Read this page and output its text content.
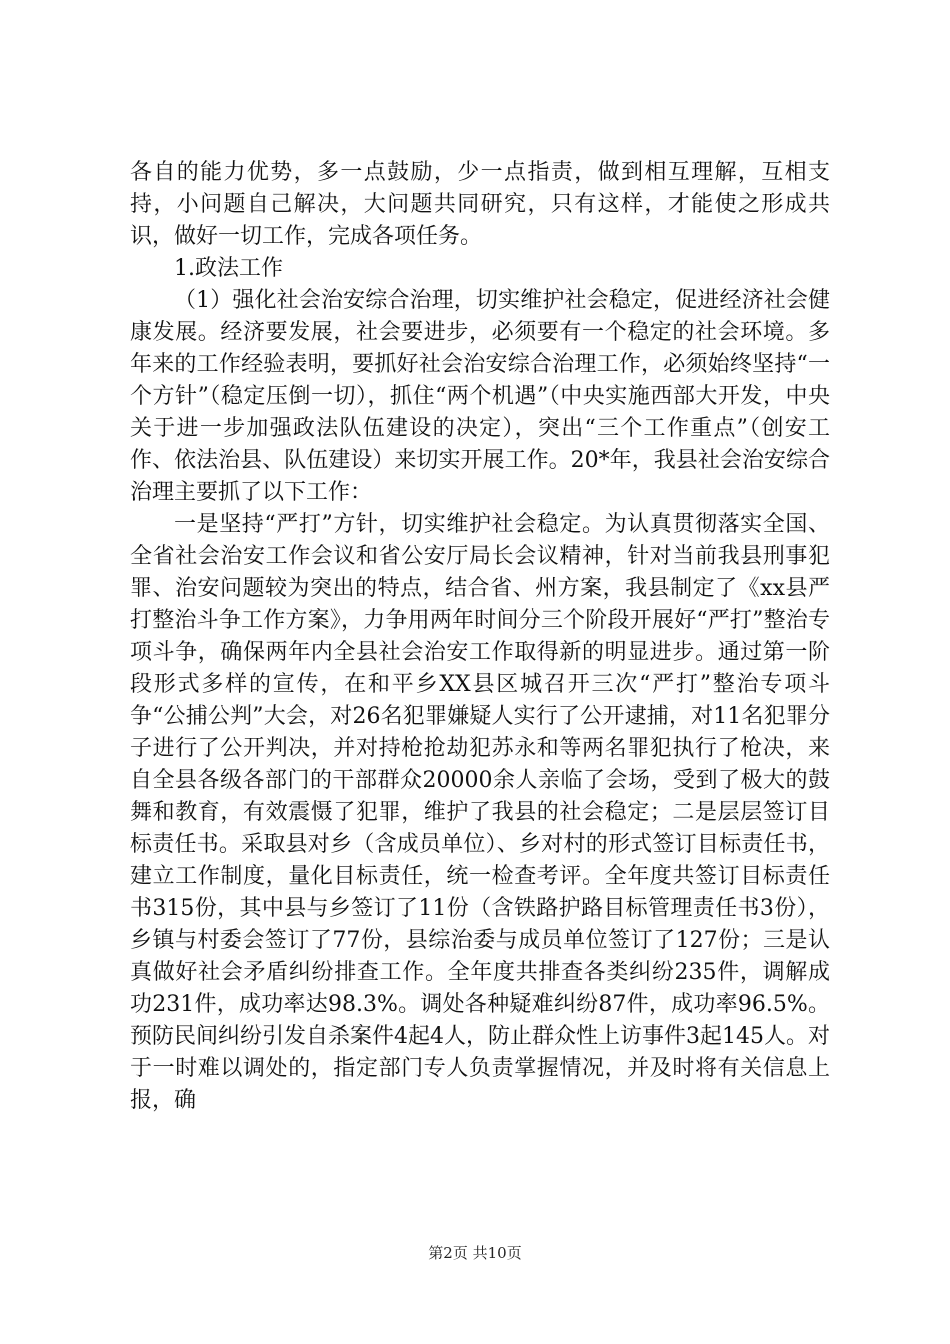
各自的能力优势，多一点鼓励，少一点指责，做到相互理解，互相支持，小问题自己解决，大问题共同研究，只有这样，才能使之形成共识，做好一切工作，完成各项任务。

1.政法工作

（1）强化社会治安综合治理，切实维护社会稳定，促进经济社会健康发展。经济要发展，社会要进步，必须要有一个稳定的社会环境。多年来的工作经验表明，要抓好社会治安综合治理工作，必须始终坚持“一个方针”（稳定压倒一切），抓住“两个机遇”（中央实施西部大开发，中央关于进一步加强政法队伍建设的决定），突出“三个工作重点”（创安工作、依法治县、队伍建设）来切实开展工作。20*年，我县社会治安综合治理主要抓了以下工作：

一是坚持“严打”方针，切实维护社会稳定。为认真贯彻落实全国、全省社会治安工作会议和省公安厅局长会议精神，针对当前我县刑事犯罪、治安问题较为突出的特点，结合省、州方案，我县制定了《xx县严打整治斗争工作方案》，力争用两年时间分三个阶段开展好“严打”整治专项斗争，确保两年内全县社会治安工作取得新的明显进步。通过第一阶段形式多样的宣传，在和平乡XX县区城召开三次“严打”整治专项斗争“公捕公判”大会，对26名犯罪嫌疑人实行了公开逮捕，对11名犯罪分子进行了公开判决，并对持枪抢劫犯苏永和等两名罪犯执行了枪决，来自全县各级各部门的干部群众20000余人亲临了会场，受到了极大的鼓舞和教育，有效震慑了犯罪，维护了我县的社会稳定；二是层层签订目标责任书。采取县对乡（含成员单位）、乡对村的形式签订目标责任书，建立工作制度，量化目标责任，统一检查考评。全年度共签订目标责任书315份，其中县与乡签订了11份（含铁路护路目标管理责任书3份），乡镇与村委会签订了77份，县综治委与成员单位签订了127份；三是认真做好社会矛盾纠纷排查工作。全年度共排查各类纠纷235件，调解成功231件，成功率达98.3%。调处各种疑难纠纷87件，成功率96.5%。预防民间纠纷引发自杀案件4起4人，防止群众性上访事件3起145人。对于一时难以调处的，指定部门专人负责掌握情况，并及时将有关信息上报，确

第2页 共10页
